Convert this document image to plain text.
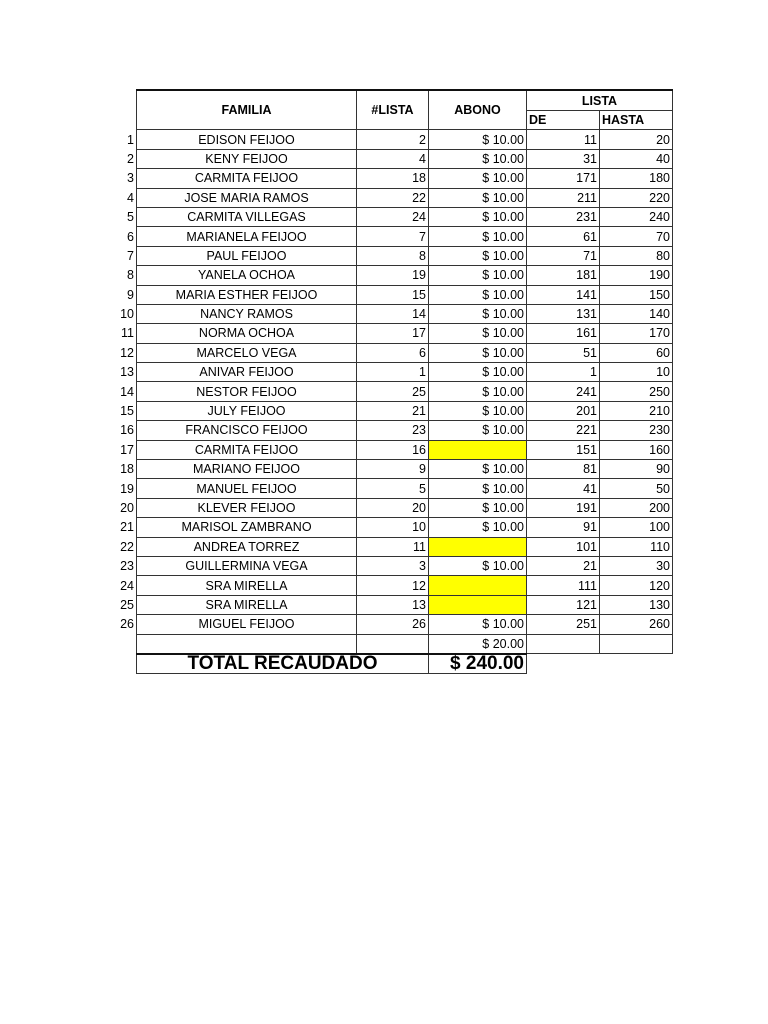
	FAMILIA	#LISTA	ABONO	LISTA	
				DE	HASTA
1	EDISON FEIJOO	2	$ 10.00	11	20
2	KENY FEIJOO	4	$ 10.00	31	40
3	CARMITA FEIJOO	18	$ 10.00	171	180
4	JOSE MARIA RAMOS	22	$ 10.00	211	220
5	CARMITA VILLEGAS	24	$ 10.00	231	240
6	MARIANELA FEIJOO	7	$ 10.00	61	70
7	PAUL FEIJOO	8	$ 10.00	71	80
8	YANELA OCHOA	19	$ 10.00	181	190
9	MARIA ESTHER FEIJOO	15	$ 10.00	141	150
10	NANCY RAMOS	14	$ 10.00	131	140
11	NORMA OCHOA	17	$ 10.00	161	170
12	MARCELO VEGA	6	$ 10.00	51	60
13	ANIVAR FEIJOO	1	$ 10.00	1	10
14	NESTOR FEIJOO	25	$ 10.00	241	250
15	JULY FEIJOO	21	$ 10.00	201	210
16	FRANCISCO FEIJOO	23	$ 10.00	221	230
17	CARMITA FEIJOO	16		151	160
18	MARIANO FEIJOO	9	$ 10.00	81	90
19	MANUEL FEIJOO	5	$ 10.00	41	50
20	KLEVER FEIJOO	20	$ 10.00	191	200
21	MARISOL ZAMBRANO	10	$ 10.00	91	100
22	ANDREA TORREZ	11		101	110
23	GUILLERMINA VEGA	3	$ 10.00	21	30
24	SRA MIRELLA	12		111	120
25	SRA MIRELLA	13		121	130
26	MIGUEL FEIJOO	26	$ 10.00	251	260
			$ 20.00		
	TOTAL RECAUDADO		$ 240.00		
